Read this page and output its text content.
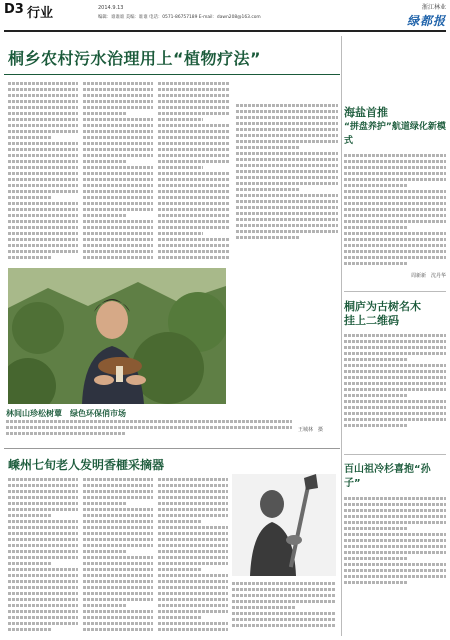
D3 行业	2014.9.13
编辑：谁谁谁 美编：谁谁 电话：0571-86757189 E-mail：dawn208@163.com
浙江林业
绿都报
桐乡农村污水治理用上“植物疗法”
林间山珍松树蕈　绿色环保俏市场
王城林　摄
嵊州七旬老人发明香榧采摘器
海盐首推
“拼盘养护”航道绿化新模式
周新新　沈丹华
桐庐为古树名木
挂上二维码
百山祖冷杉喜抱“孙子”
